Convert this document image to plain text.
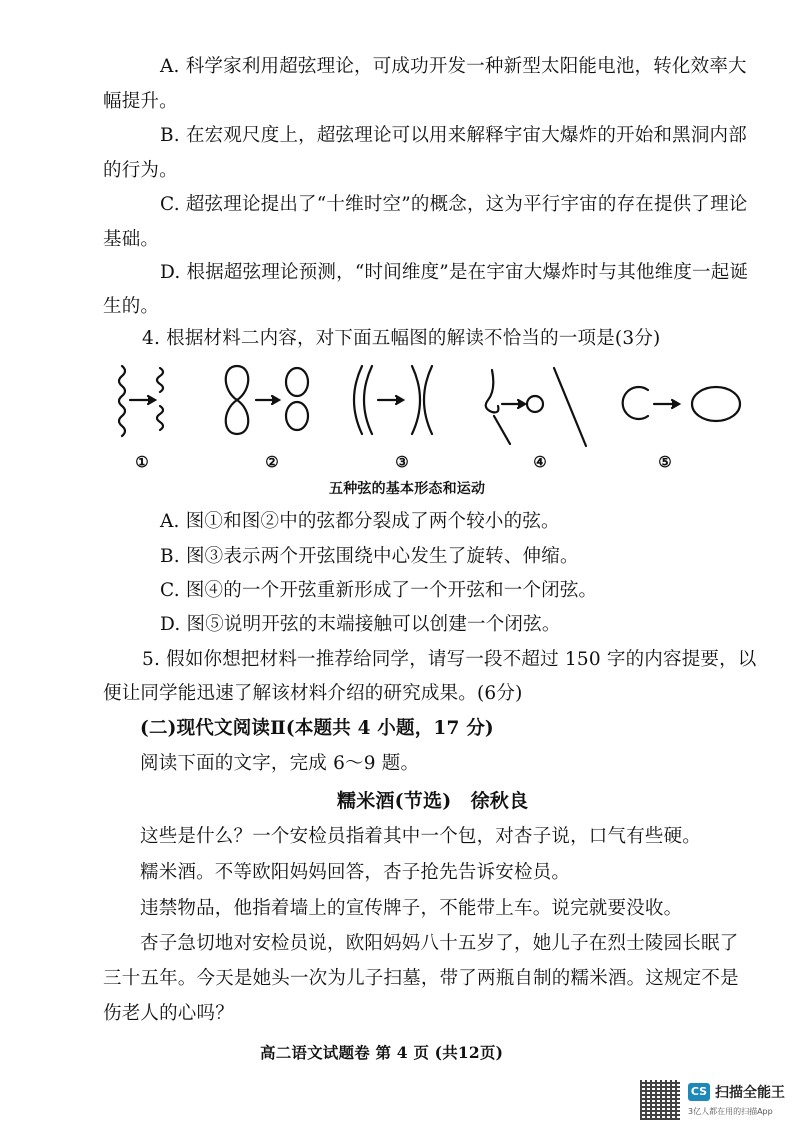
A. 科学家利用超弦理论，可成功开发一种新型太阳能电池，转化效率大
幅提升。
B. 在宏观尺度上，超弦理论可以用来解释宇宙大爆炸的开始和黑洞内部
的行为。
C. 超弦理论提出了“十维时空”的概念，这为平行宇宙的存在提供了理论
基础。
D. 根据超弦理论预测，“时间维度”是在宇宙大爆炸时与其他维度一起诞
生的。
4. 根据材料二内容，对下面五幅图的解读不恰当的一项是(3分)
①	②	③	④	⑤
五种弦的基本形态和运动
A. 图①和图②中的弦都分裂成了两个较小的弦。
B. 图③表示两个开弦围绕中心发生了旋转、伸缩。
C. 图④的一个开弦重新形成了一个开弦和一个闭弦。
D. 图⑤说明开弦的末端接触可以创建一个闭弦。
5. 假如你想把材料一推荐给同学，请写一段不超过 150 字的内容提要，以
便让同学能迅速了解该材料介绍的研究成果。(6分)
(二)现代文阅读Ⅱ(本题共 4 小题，17 分)
阅读下面的文字，完成 6～9 题。
糯米酒(节选)　徐秋良
这些是什么？一个安检员指着其中一个包，对杏子说，口气有些硬。
糯米酒。不等欧阳妈妈回答，杏子抢先告诉安检员。
违禁物品，他指着墙上的宣传牌子，不能带上车。说完就要没收。
杏子急切地对安检员说，欧阳妈妈八十五岁了，她儿子在烈士陵园长眠了
三十五年。今天是她头一次为儿子扫墓，带了两瓶自制的糯米酒。这规定不是
伤老人的心吗？
高二语文试题卷 第 4 页 (共12页)
CS 扫描全能王
3亿人都在用的扫描App
